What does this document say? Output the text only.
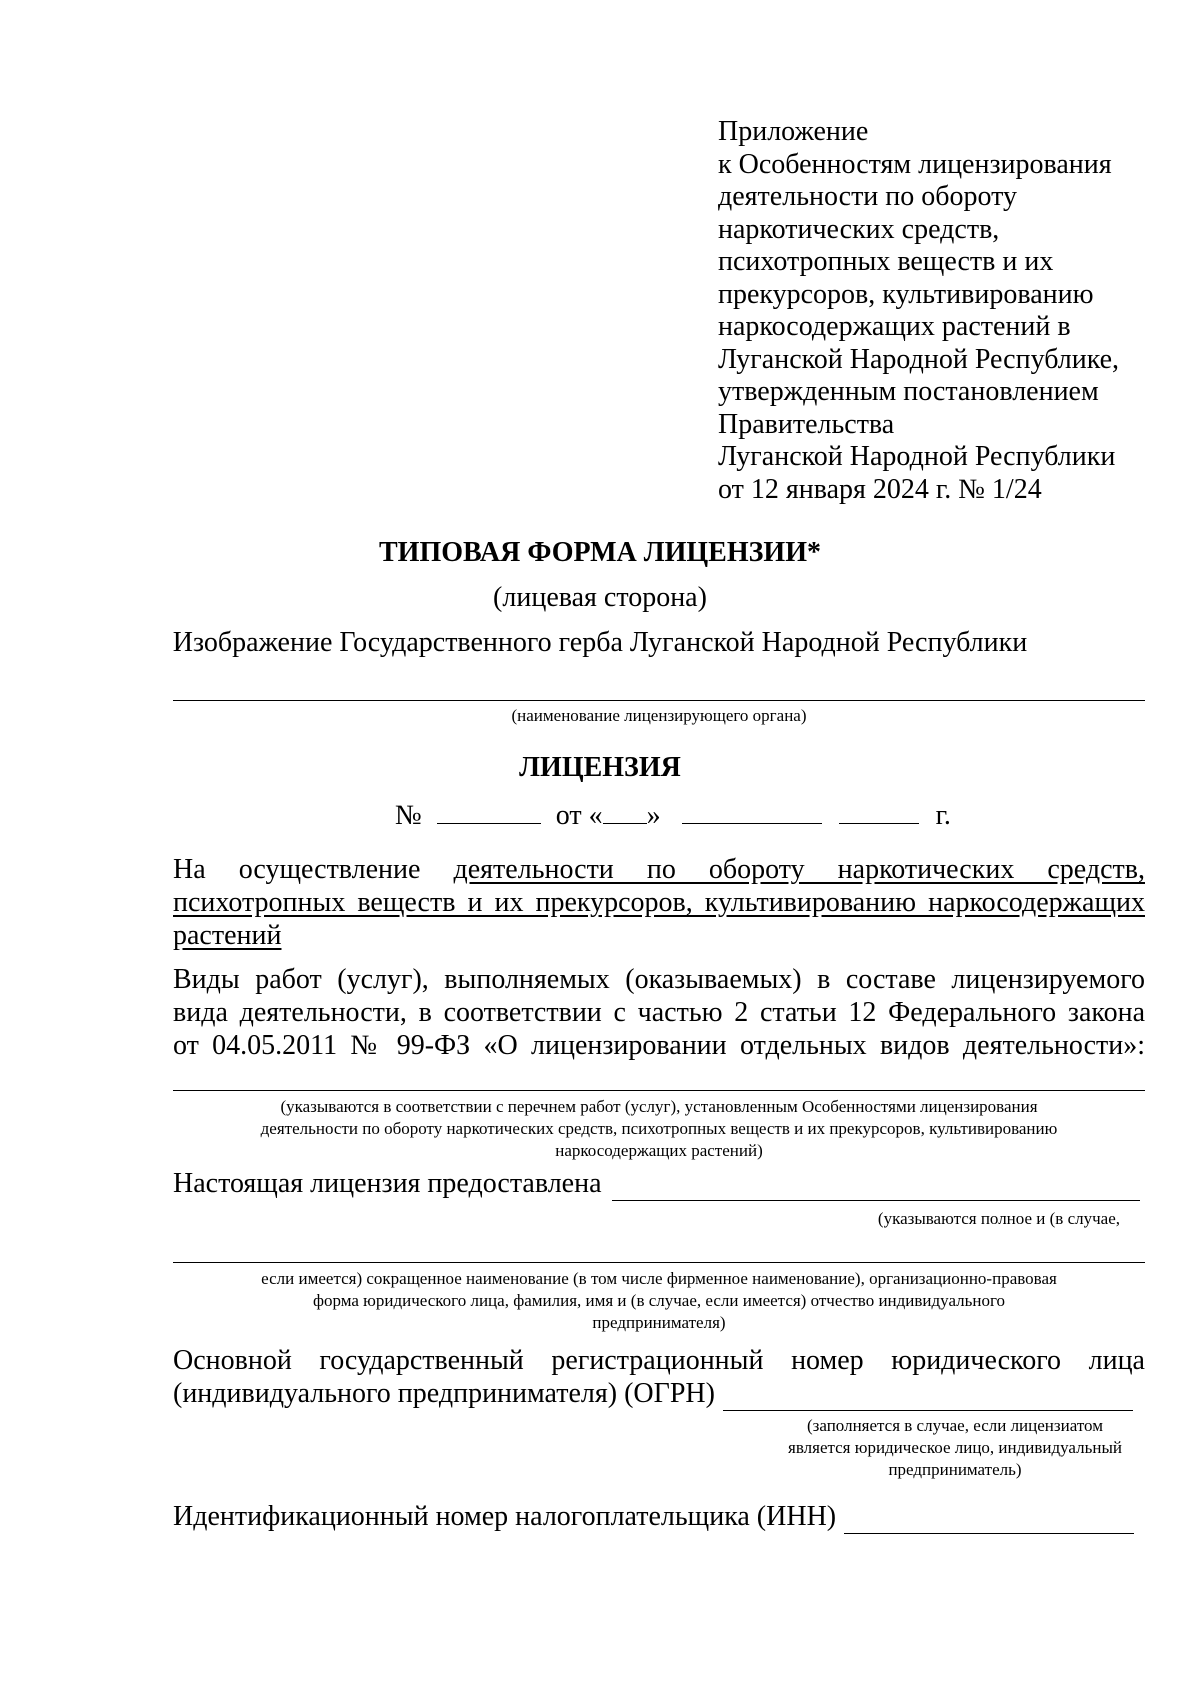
Приложение
к Особенностям лицензирования
деятельности по обороту
наркотических средств,
психотропных веществ и их
прекурсоров, культивированию
наркосодержащих растений в
Луганской Народной Республике,
утвержденным постановлением
Правительства
Луганской Народной Республики
от 12 января 2024 г. № 1/24
ТИПОВАЯ ФОРМА ЛИЦЕНЗИИ*
(лицевая сторона)
Изображение Государственного герба Луганской Народной Республики
(наименование лицензирующего органа)
ЛИЦЕНЗИЯ
№	от « »	г.
На осуществление деятельности по обороту наркотических средств,
психотропных веществ и их прекурсоров, культивированию наркосодержащих
растений
Виды работ (услуг), выполняемых (оказываемых) в составе лицензируемого
вида деятельности, в соответствии с частью 2 статьи 12 Федерального закона
от 04.05.2011 № 99-ФЗ «О лицензировании отдельных видов деятельности»:
(указываются в соответствии с перечнем работ (услуг), установленным Особенностями лицензирования
деятельности по обороту наркотических средств, психотропных веществ и их прекурсоров, культивированию
наркосодержащих растений)
Настоящая лицензия предоставлена
(указываются полное и (в случае,
если имеется) сокращенное наименование (в том числе фирменное наименование), организационно-правовая
форма юридического лица, фамилия, имя и (в случае, если имеется) отчество индивидуального
предпринимателя)
Основной государственный регистрационный номер юридического лица
(индивидуального предпринимателя) (ОГРН)
(заполняется в случае, если лицензиатом
является юридическое лицо, индивидуальный
предприниматель)
Идентификационный номер налогоплательщика (ИНН)
